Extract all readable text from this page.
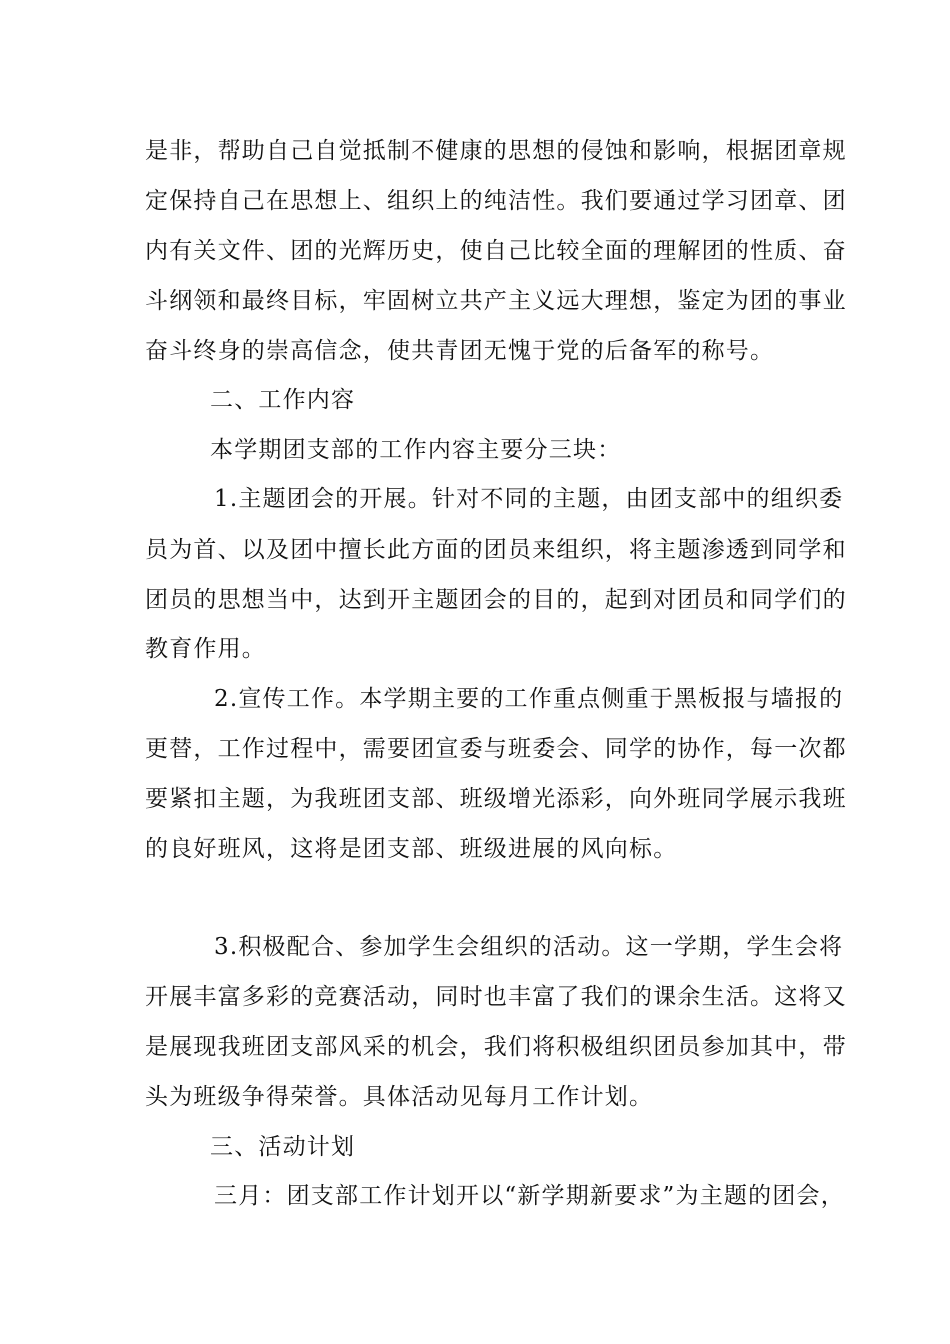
是非，帮助自己自觉抵制不健康的思想的侵蚀和影响，根据团章规
定保持自己在思想上、组织上的纯洁性。我们要通过学习团章、团
内有关文件、团的光辉历史，使自己比较全面的理解团的性质、奋
斗纲领和最终目标，牢固树立共产主义远大理想，鉴定为团的事业
奋斗终身的崇高信念，使共青团无愧于党的后备军的称号。
二、工作内容
本学期团支部的工作内容主要分三块：
1.主题团会的开展。针对不同的主题，由团支部中的组织委
员为首、以及团中擅长此方面的团员来组织，将主题渗透到同学和
团员的思想当中，达到开主题团会的目的，起到对团员和同学们的
教育作用。
2.宣传工作。本学期主要的工作重点侧重于黑板报与墙报的
更替，工作过程中，需要团宣委与班委会、同学的协作，每一次都
要紧扣主题，为我班团支部、班级增光添彩，向外班同学展示我班
的良好班风，这将是团支部、班级进展的风向标。
3.积极配合、参加学生会组织的活动。这一学期，学生会将
开展丰富多彩的竞赛活动，同时也丰富了我们的课余生活。这将又
是展现我班团支部风采的机会，我们将积极组织团员参加其中，带
头为班级争得荣誉。具体活动见每月工作计划。
三、活动计划
三月：团支部工作计划开以“新学期新要求”为主题的团会，
